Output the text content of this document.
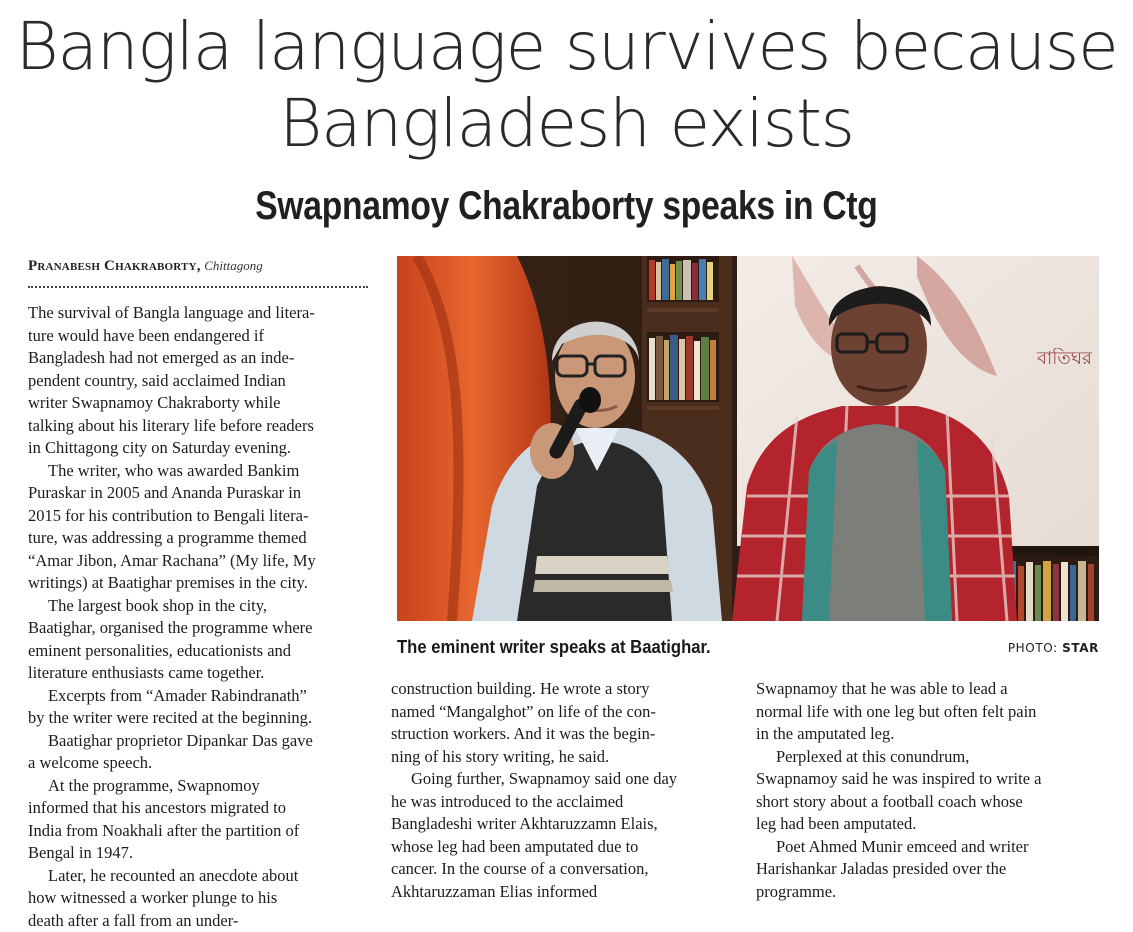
Bangla language survives because
Bangladesh exists
Swapnamoy Chakraborty speaks in Ctg
Pranabesh Chakraborty, Chittagong

The survival of Bangla language and litera-
ture would have been endangered if
Bangladesh had not emerged as an inde-
pendent country, said acclaimed Indian
writer Swapnamoy Chakraborty while
talking about his literary life before readers
in Chittagong city on Saturday evening.

The writer, who was awarded Bankim
Puraskar in 2005 and Ananda Puraskar in
2015 for his contribution to Bengali litera-
ture, was addressing a programme themed
“Amar Jibon, Amar Rachana” (My life, My
writings) at Baatighar premises in the city.

The largest book shop in the city,
Baatighar, organised the programme where
eminent personalities, educationists and
literature enthusiasts came together.

Excerpts from “Amader Rabindranath”
by the writer were recited at the beginning.

Baatighar proprietor Dipankar Das gave
a welcome speech.

At the programme, Swapnomoy
informed that his ancestors migrated to
India from Noakhali after the partition of
Bengal in 1947.

Later, he recounted an anecdote about
how witnessed a worker plunge to his
death after a fall from an under-

construction building. He wrote a story
named “Mangalghot” on life of the con-
struction workers. And it was the begin-
ning of his story writing, he said.

Going further, Swapnamoy said one day
he was introduced to the acclaimed
Bangladeshi writer Akhtaruzzamn Elais,
whose leg had been amputated due to
cancer. In the course of a conversation,
Akhtaruzzaman Elias informed

Swapnamoy that he was able to lead a
normal life with one leg but often felt pain
in the amputated leg.

Perplexed at this conundrum,
Swapnamoy said he was inspired to write a
short story about a football coach whose
leg had been amputated.

Poet Ahmed Munir emceed and writer
Harishankar Jaladas presided over the
programme.

বাতিঘর
The eminent writer speaks at Baatighar.	PHOTO: STAR
